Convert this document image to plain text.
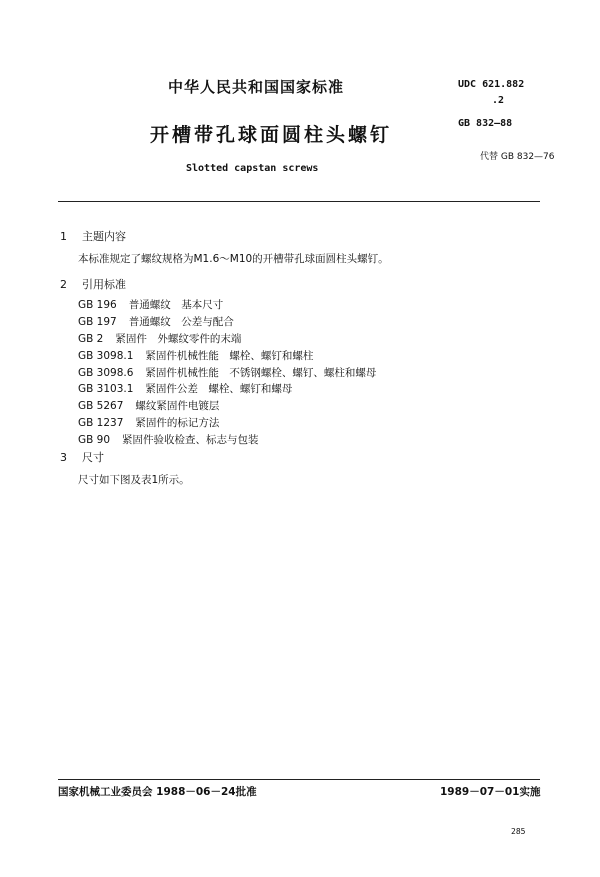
中华人民共和国国家标准
开槽带孔球面圆柱头螺钉
Slotted capstan screws
UDC 621.882
.2
GB 832—88
代替 GB 832—76
1 主题内容
本标准规定了螺纹规格为M1.6～M10的开槽带孔球面圆柱头螺钉。
2 引用标准
GB 196 普通螺纹　基本尺寸
GB 197 普通螺纹　公差与配合
GB 2 紧固件　外螺纹零件的末端
GB 3098.1 紧固件机械性能　螺栓、螺钉和螺柱
GB 3098.6 紧固件机械性能　不锈钢螺栓、螺钉、螺柱和螺母
GB 3103.1 紧固件公差　螺栓、螺钉和螺母
GB 5267 螺纹紧固件电镀层
GB 1237 紧固件的标记方法
GB 90 紧固件验收检查、标志与包装
3 尺寸
尺寸如下图及表1所示。
国家机械工业委员会 1988－06－24批准	1989－07－01实施
285
